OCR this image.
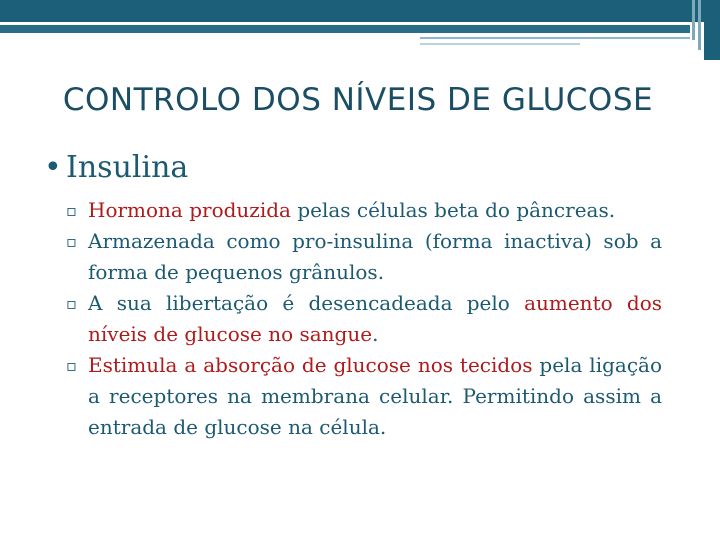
CONTROLO DOS NÍVEIS DE GLUCOSE
• Insulina
▫ Hormona produzida pelas células beta do pâncreas.
▫ Armazenada como pro-insulina (forma inactiva) sob a forma de pequenos grânulos.
▫ A sua libertação é desencadeada pelo aumento dos níveis de glucose no sangue.
▫ Estimula a absorção de glucose nos tecidos pela ligação a receptores na membrana celular. Permitindo assim a entrada de glucose na célula.
